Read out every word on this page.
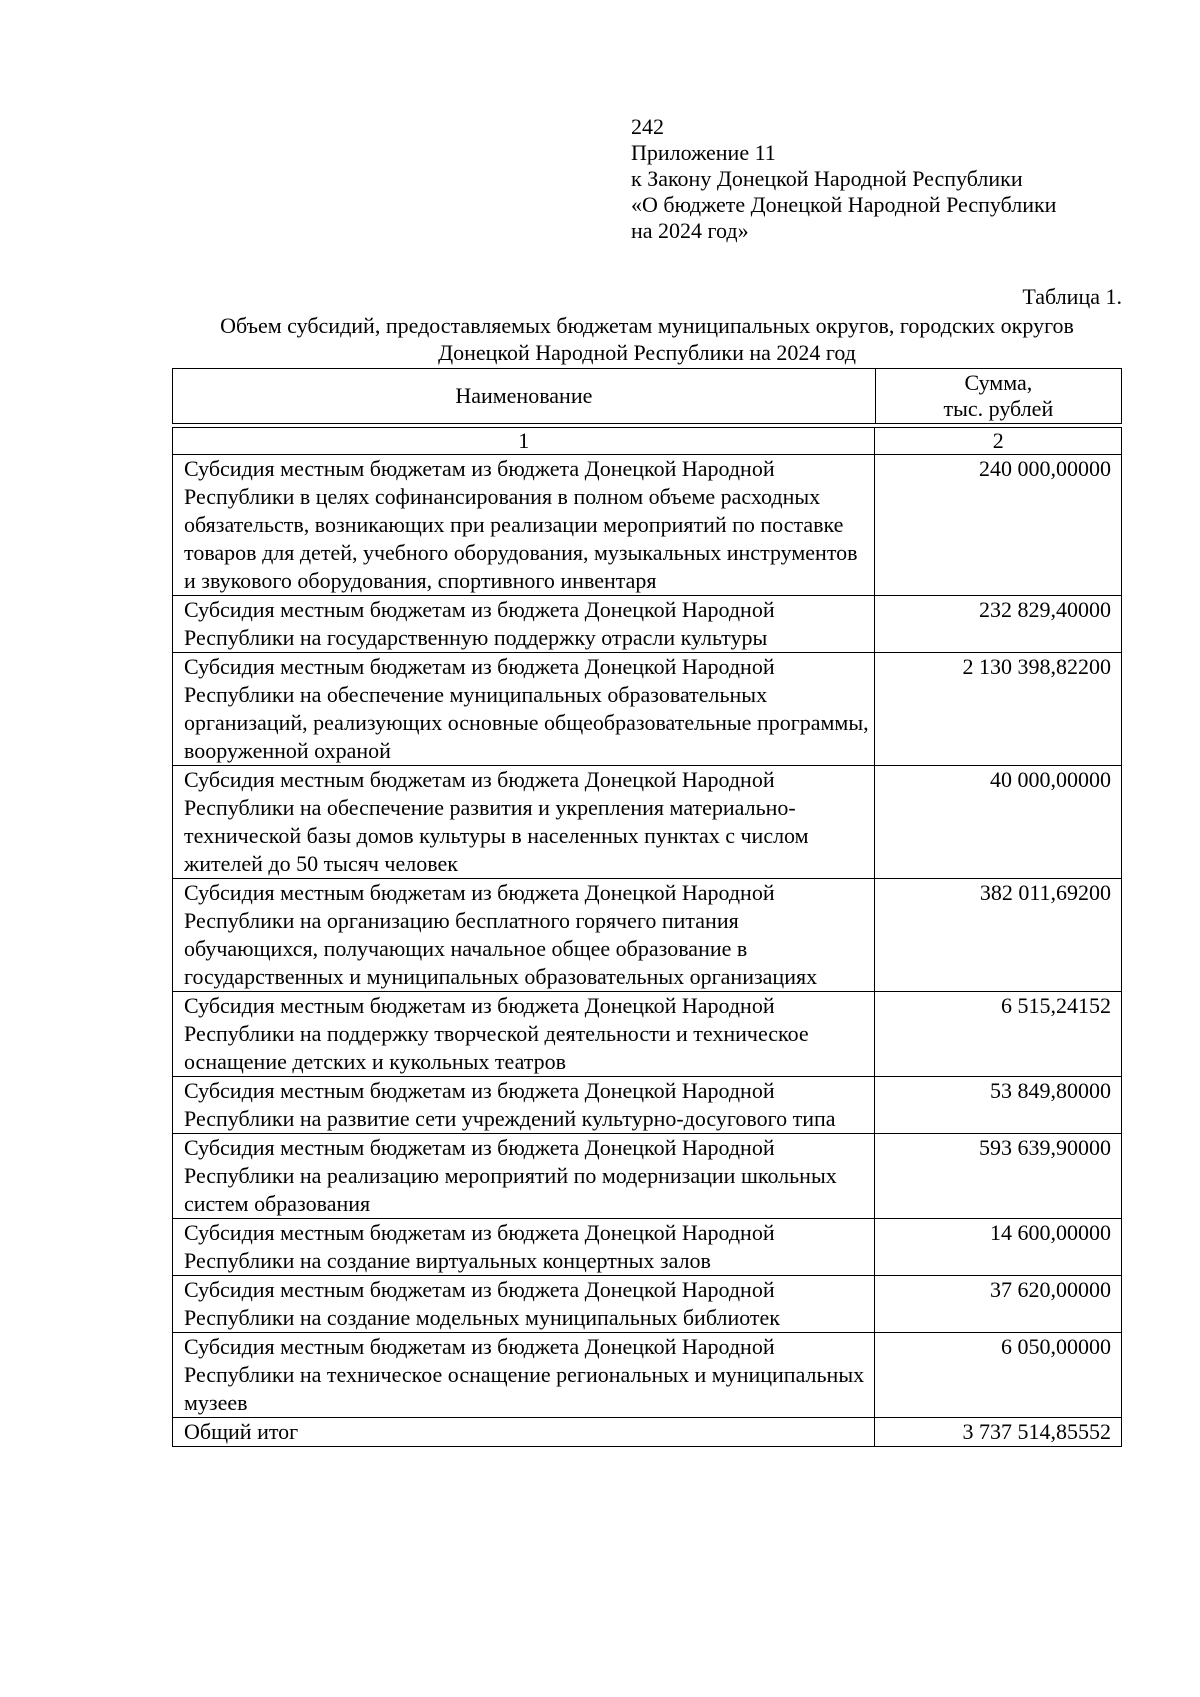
242
Приложение 11
к Закону Донецкой Народной Республики
«О бюджете Донецкой Народной Республики
на 2024 год»
Таблица 1.
Объем субсидий, предоставляемых бюджетам муниципальных округов, городских округов Донецкой Народной Республики на 2024 год
Наименование	Сумма,
тыс. рублей
1	2
Субсидия местным бюджетам из бюджета Донецкой Народной Республики в целях софинансирования в полном объеме расходных обязательств, возникающих при реализации мероприятий по поставке товаров для детей, учебного оборудования, музыкальных инструментов и звукового оборудования, спортивного инвентаря	240 000,00000
Субсидия местным бюджетам из бюджета Донецкой Народной Республики на государственную поддержку отрасли культуры	232 829,40000
Субсидия местным бюджетам из бюджета Донецкой Народной Республики на обеспечение муниципальных образовательных организаций, реализующих основные общеобразовательные программы, вооруженной охраной	2 130 398,82200
Субсидия местным бюджетам из бюджета Донецкой Народной Республики на обеспечение развития и укрепления материально-технической базы домов культуры в населенных пунктах с числом жителей до 50 тысяч человек	40 000,00000
Субсидия местным бюджетам из бюджета Донецкой Народной Республики на организацию бесплатного горячего питания обучающихся, получающих начальное общее образование в государственных и муниципальных образовательных организациях	382 011,69200
Субсидия местным бюджетам из бюджета Донецкой Народной Республики на поддержку творческой деятельности и техническое оснащение детских и кукольных театров	6 515,24152
Субсидия местным бюджетам из бюджета Донецкой Народной Республики на развитие сети учреждений культурно-досугового типа	53 849,80000
Субсидия местным бюджетам из бюджета Донецкой Народной Республики на реализацию мероприятий по модернизации школьных систем образования	593 639,90000
Субсидия местным бюджетам из бюджета Донецкой Народной Республики на создание виртуальных концертных залов	14 600,00000
Субсидия местным бюджетам из бюджета Донецкой Народной Республики на создание модельных муниципальных библиотек	37 620,00000
Субсидия местным бюджетам из бюджета Донецкой Народной Республики на техническое оснащение региональных и муниципальных музеев	6 050,00000
Общий итог	3 737 514,85552
